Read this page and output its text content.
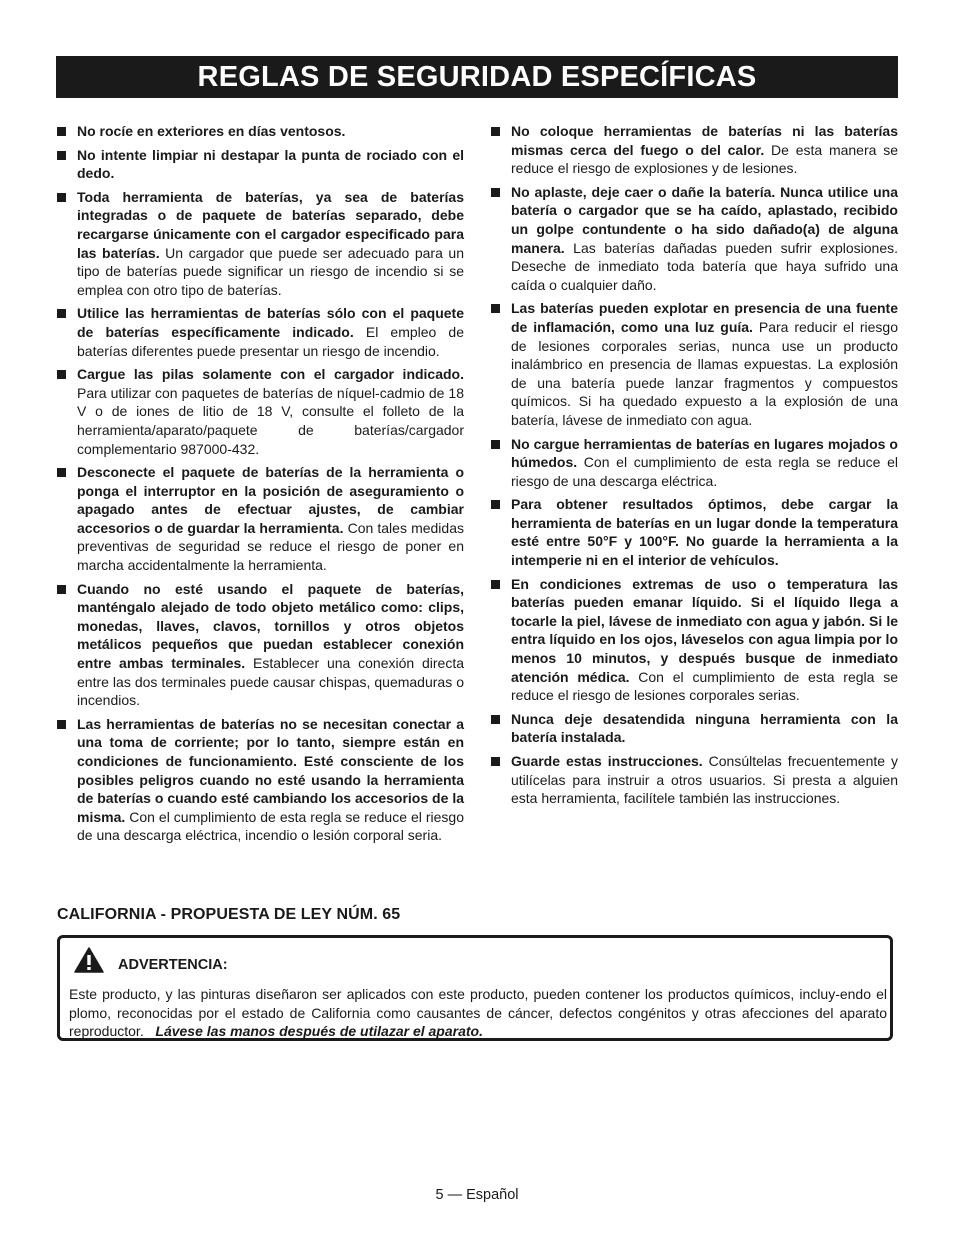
REGLAS DE SEGURIDAD ESPECÍFICAS
No rocíe en exteriores en días ventosos.
No intente limpiar ni destapar la punta de rociado con el dedo.
Toda herramienta de baterías, ya sea de baterías integradas o de paquete de baterías separado, debe recargarse únicamente con el cargador especificado para las baterías. Un cargador que puede ser adecuado para un tipo de baterías puede significar un riesgo de incendio si se emplea con otro tipo de baterías.
Utilice las herramientas de baterías sólo con el paquete de baterías específicamente indicado. El empleo de baterías diferentes puede presentar un riesgo de incendio.
Cargue las pilas solamente con el cargador indicado. Para utilizar con paquetes de baterías de níquel-cadmio de 18 V o de iones de litio de 18 V, consulte el folleto de la herramienta/aparato/paquete de baterías/cargador complementario 987000-432.
Desconecte el paquete de baterías de la herramienta o ponga el interruptor en la posición de aseguramiento o apagado antes de efectuar ajustes, de cambiar accesorios o de guardar la herramienta. Con tales medidas preventivas de seguridad se reduce el riesgo de poner en marcha accidentalmente la herramienta.
Cuando no esté usando el paquete de baterías, manténgalo alejado de todo objeto metálico como: clips, monedas, llaves, clavos, tornillos y otros objetos metálicos pequeños que puedan establecer conexión entre ambas terminales. Establecer una conexión directa entre las dos terminales puede causar chispas, quemaduras o incendios.
Las herramientas de baterías no se necesitan conectar a una toma de corriente; por lo tanto, siempre están en condiciones de funcionamiento. Esté consciente de los posibles peligros cuando no esté usando la herramienta de baterías o cuando esté cambiando los accesorios de la misma. Con el cumplimiento de esta regla se reduce el riesgo de una descarga eléctrica, incendio o lesión corporal seria.
No coloque herramientas de baterías ni las baterías mismas cerca del fuego o del calor. De esta manera se reduce el riesgo de explosiones y de lesiones.
No aplaste, deje caer o dañe la batería. Nunca utilice una batería o cargador que se ha caído, aplastado, recibido un golpe contundente o ha sido dañado(a) de alguna manera. Las baterías dañadas pueden sufrir explosiones. Deseche de inmediato toda batería que haya sufrido una caída o cualquier daño.
Las baterías pueden explotar en presencia de una fuente de inflamación, como una luz guía. Para reducir el riesgo de lesiones corporales serias, nunca use un producto inalámbrico en presencia de llamas expuestas. La explosión de una batería puede lanzar fragmentos y compuestos químicos. Si ha quedado expuesto a la explosión de una batería, lávese de inmediato con agua.
No cargue herramientas de baterías en lugares mojados o húmedos. Con el cumplimiento de esta regla se reduce el riesgo de una descarga eléctrica.
Para obtener resultados óptimos, debe cargar la herramienta de baterías en un lugar donde la temperatura esté entre 50°F y 100°F. No guarde la herramienta a la intemperie ni en el interior de vehículos.
En condiciones extremas de uso o temperatura las baterías pueden emanar líquido. Si el líquido llega a tocarle la piel, lávese de inmediato con agua y jabón. Si le entra líquido en los ojos, láveselos con agua limpia por lo menos 10 minutos, y después busque de inmediato atención médica. Con el cumplimiento de esta regla se reduce el riesgo de lesiones corporales serias.
Nunca deje desatendida ninguna herramienta con la batería instalada.
Guarde estas instrucciones. Consúltelas frecuentemente y utilícelas para instruir a otros usuarios. Si presta a alguien esta herramienta, facilítele también las instrucciones.
CALIFORNIA - PROPUESTA DE LEY NÚM. 65
ADVERTENCIA:
Este producto, y las pinturas diseñaron ser aplicados con este producto, pueden contener los productos químicos, incluy-endo el plomo, reconocidas por el estado de California como causantes de cáncer, defectos congénitos y otras afecciones del aparato reproductor. Lávese las manos después de utilazar el aparato.
5 — Español
